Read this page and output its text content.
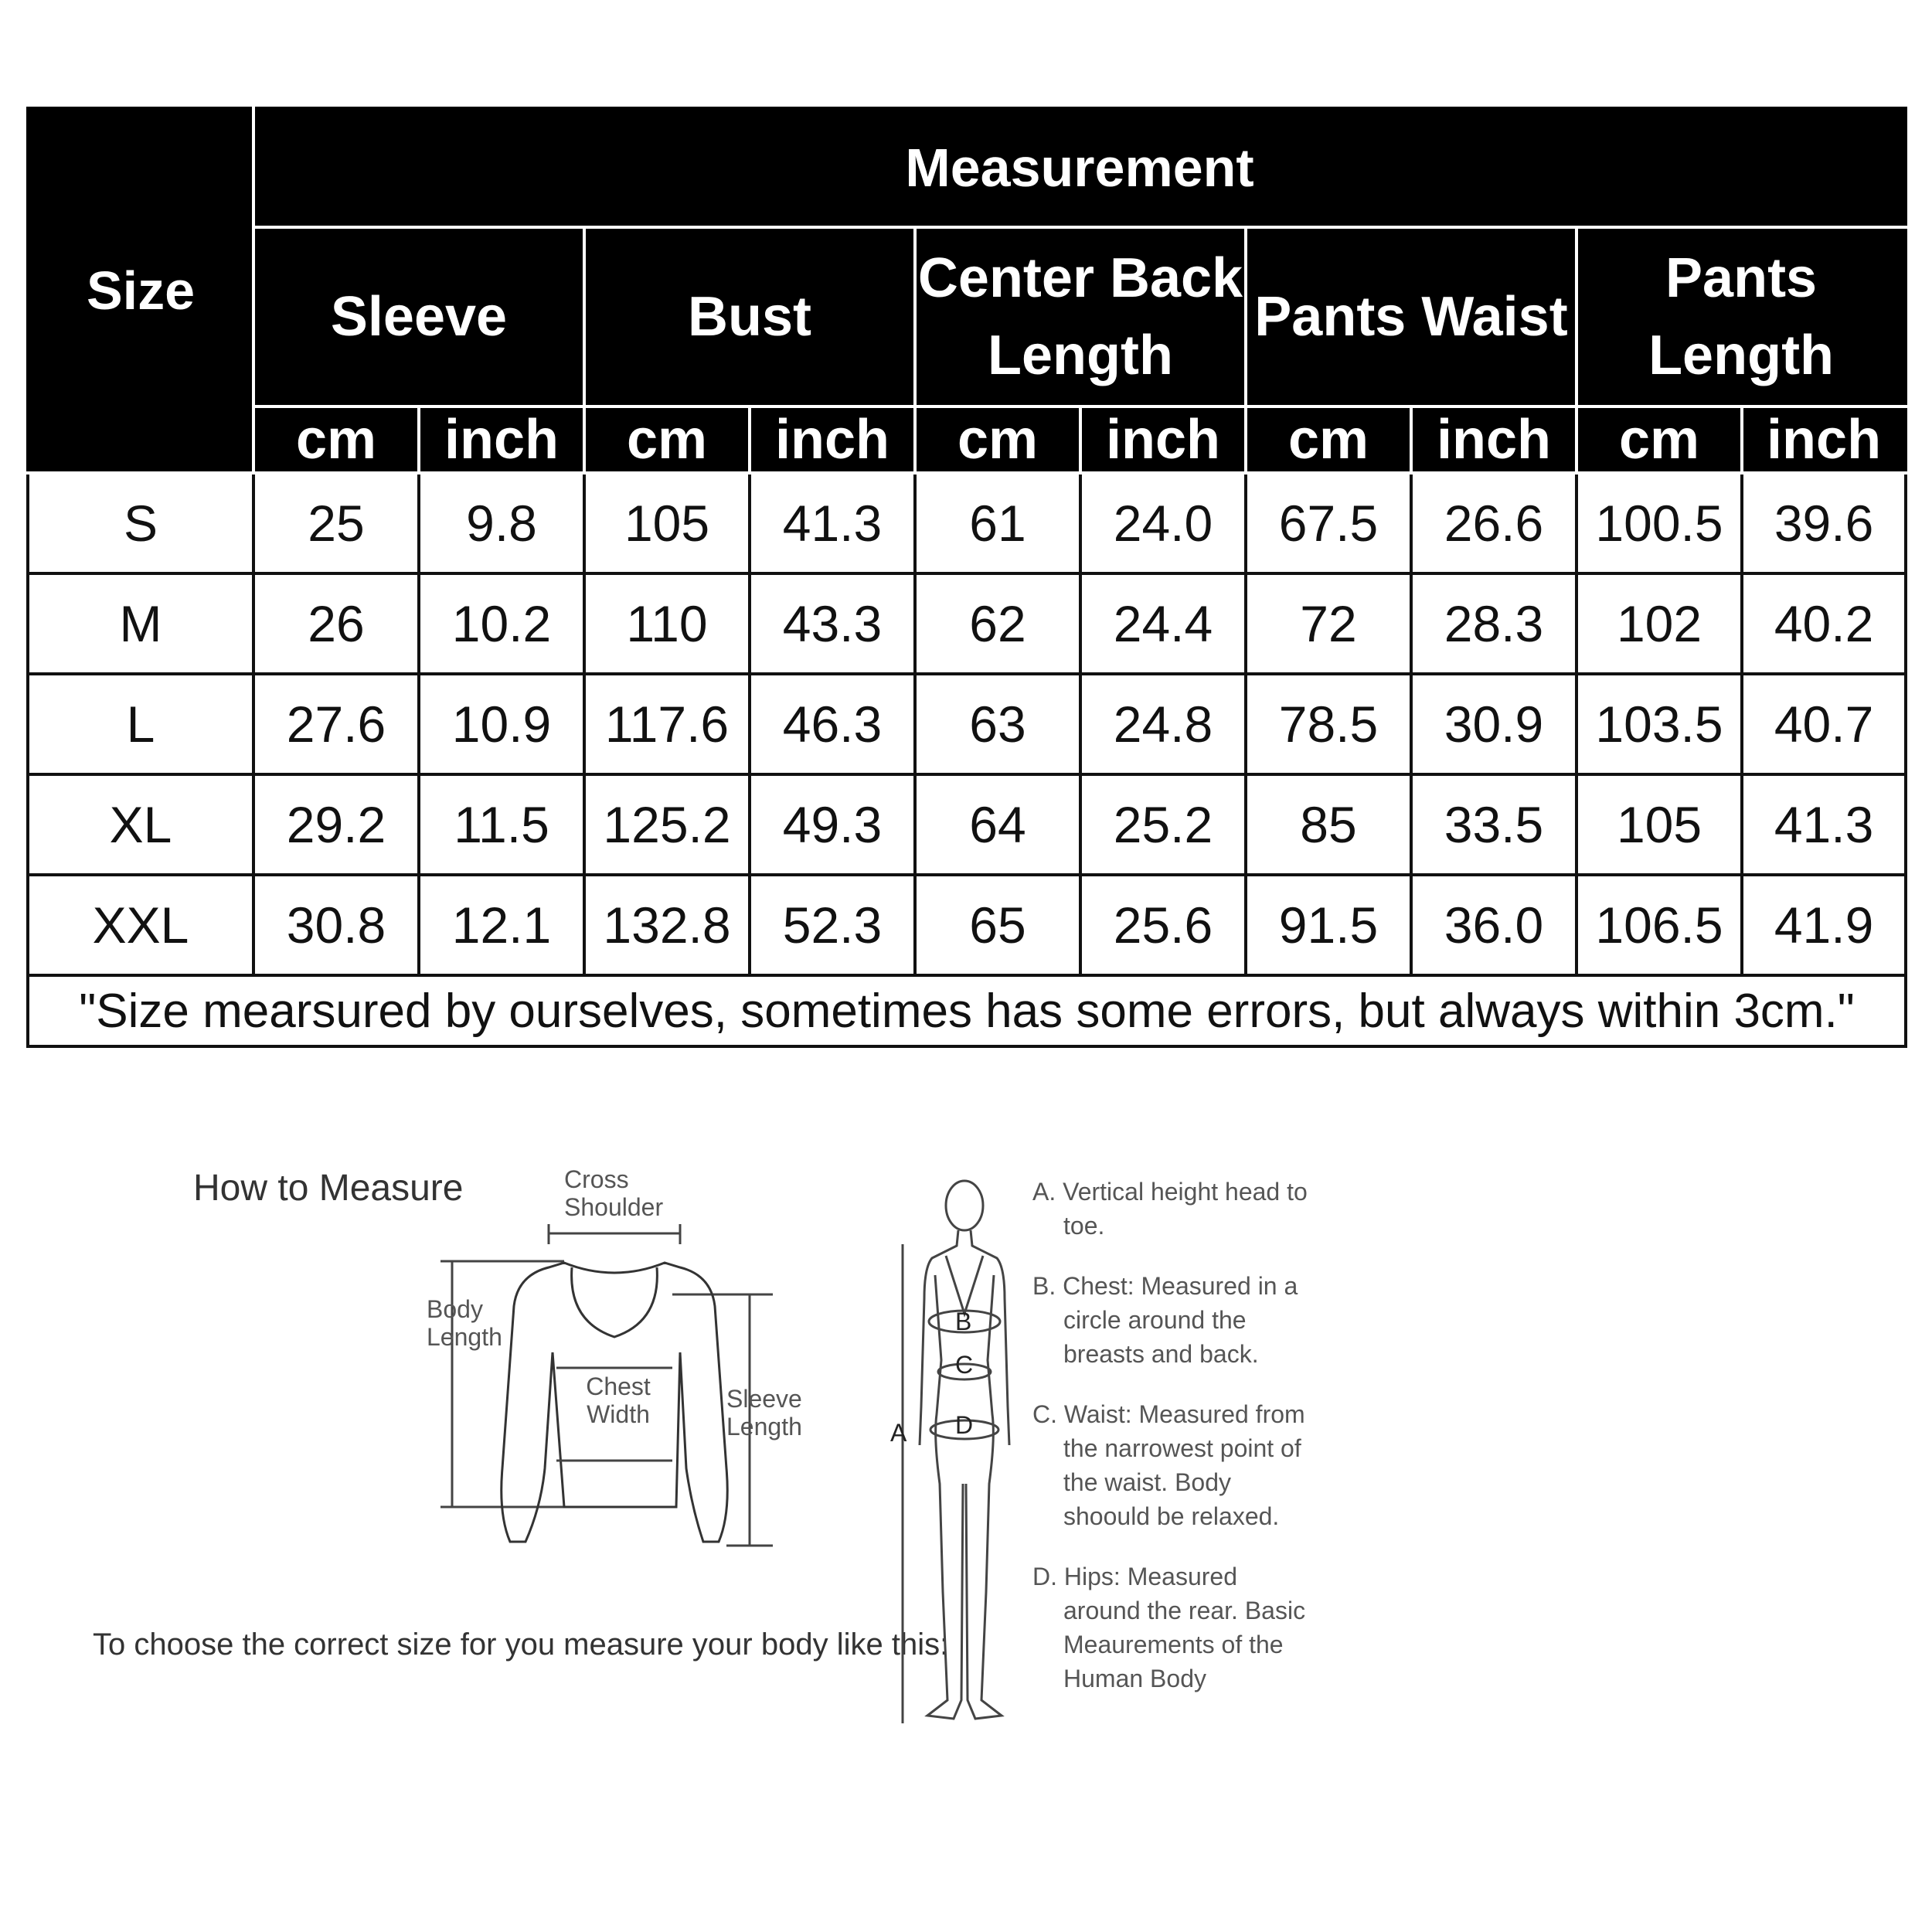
Size	Measurement									
	Sleeve		Bust		Center Back Length		Pants Waist		Pants Length	
	cm	inch	cm	inch	cm	inch	cm	inch	cm	inch
S	25	9.8	105	41.3	61	24.0	67.5	26.6	100.5	39.6
M	26	10.2	110	43.3	62	24.4	72	28.3	102	40.2
L	27.6	10.9	117.6	46.3	63	24.8	78.5	30.9	103.5	40.7
XL	29.2	11.5	125.2	49.3	64	25.2	85	33.5	105	41.3
XXL	30.8	12.1	132.8	52.3	65	25.6	91.5	36.0	106.5	41.9
"Size mearsured by ourselves, sometimes has some errors, but always within 3cm."										
How to Measure	Cross Shoulder
Body Length
Chest Width
Sleeve Length
To choose the correct size for you measure your body like this:
B
C
A D
A. Vertical height head to toe.
B. Chest: Measured in a circle around the breasts and back.
C. Waist: Measured from the narrowest point of the waist. Body shoould be relaxed.
D. Hips: Measured around the rear. Basic Meaurements of the Human Body
